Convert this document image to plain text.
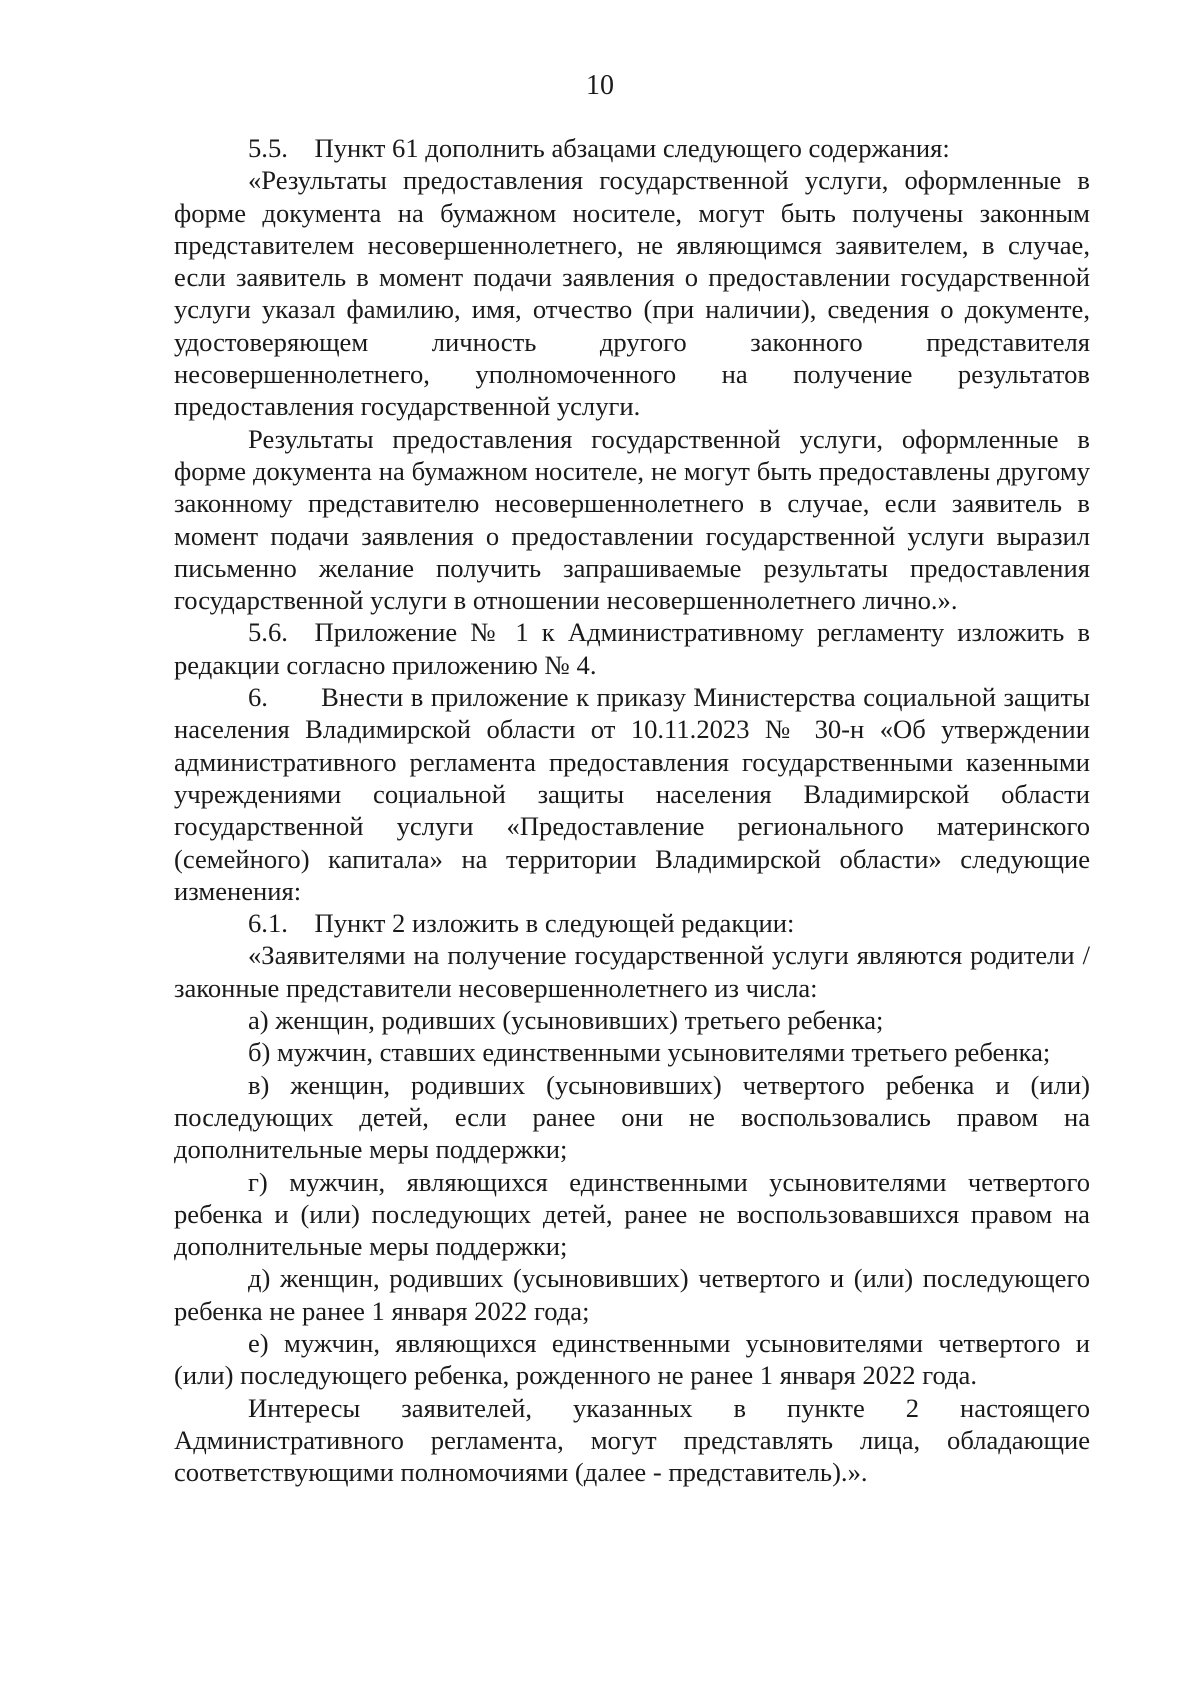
10

5.5. Пункт 61 дополнить абзацами следующего содержания:

«Результаты предоставления государственной услуги, оформленные в форме документа на бумажном носителе, могут быть получены законным представителем несовершеннолетнего, не являющимся заявителем, в случае, если заявитель в момент подачи заявления о предоставлении государственной услуги указал фамилию, имя, отчество (при наличии), сведения о документе, удостоверяющем личность другого законного представителя несовершеннолетнего, уполномоченного на получение результатов предоставления государственной услуги.

Результаты предоставления государственной услуги, оформленные в форме документа на бумажном носителе, не могут быть предоставлены другому законному представителю несовершеннолетнего в случае, если заявитель в момент подачи заявления о предоставлении государственной услуги выразил письменно желание получить запрашиваемые результаты предоставления государственной услуги в отношении несовершеннолетнего лично.».

5.6. Приложение № 1 к Административному регламенту изложить в редакции согласно приложению № 4.

6.  Внести в приложение к приказу Министерства социальной защиты населения Владимирской области от 10.11.2023 № 30-н «Об утверждении административного регламента предоставления государственными казенными учреждениями социальной защиты населения Владимирской области государственной услуги «Предоставление регионального материнского (семейного) капитала» на территории Владимирской области» следующие изменения:

6.1. Пункт 2 изложить в следующей редакции:

«Заявителями на получение государственной услуги являются родители / законные представители несовершеннолетнего из числа:

а) женщин, родивших (усыновивших) третьего ребенка;

б) мужчин, ставших единственными усыновителями третьего ребенка;

в) женщин, родивших (усыновивших) четвертого ребенка и (или) последующих детей, если ранее они не воспользовались правом на дополнительные меры поддержки;

г) мужчин, являющихся единственными усыновителями четвертого ребенка и (или) последующих детей, ранее не воспользовавшихся правом на дополнительные меры поддержки;

д) женщин, родивших (усыновивших) четвертого и (или) последующего ребенка не ранее 1 января 2022 года;

е) мужчин, являющихся единственными усыновителями четвертого и (или) последующего ребенка, рожденного не ранее 1 января 2022 года.

Интересы заявителей, указанных в пункте 2 настоящего Административного регламента, могут представлять лица, обладающие соответствующими полномочиями (далее - представитель).».
